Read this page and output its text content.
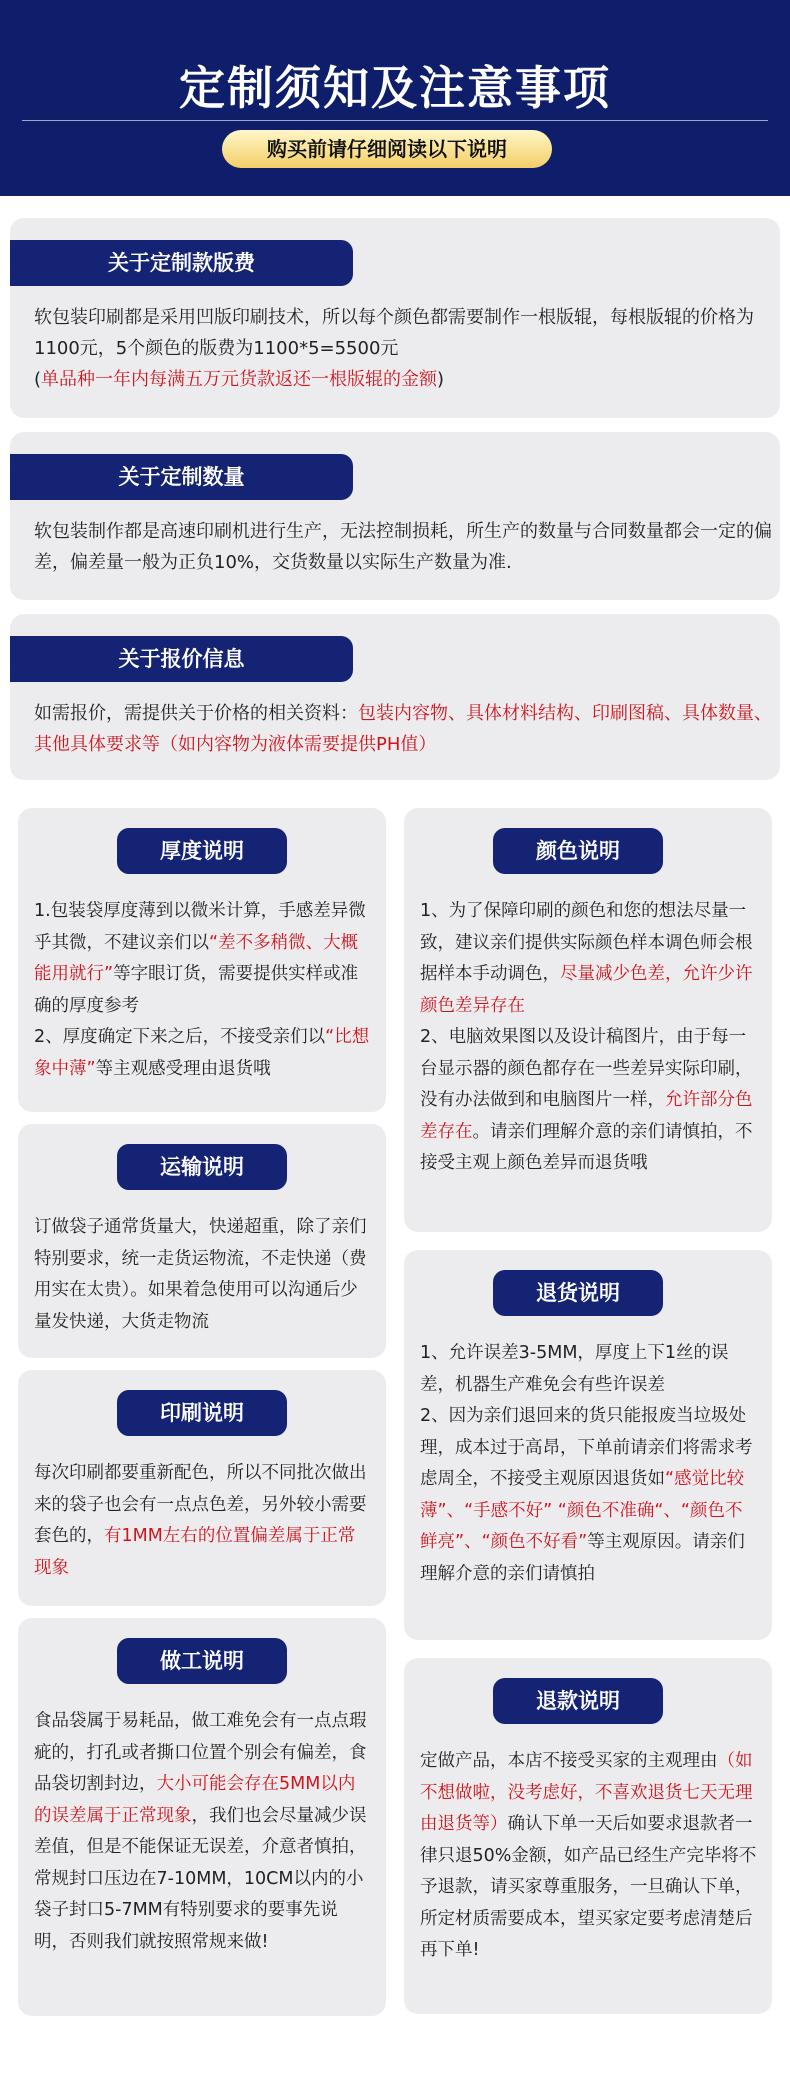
定制须知及注意事项
购买前请仔细阅读以下说明
关于定制款版费
软包装印刷都是采用凹版印刷技术，所以每个颜色都需要制作一根版辊，每根版辊的价格为1100元，5个颜色的版费为1100*5=5500元
(单品种一年内每满五万元货款返还一根版辊的金额)
关于定制数量
软包装制作都是高速印刷机进行生产，无法控制损耗，所生产的数量与合同数量都会一定的偏差，偏差量一般为正负10%，交货数量以实际生产数量为准.
关于报价信息
如需报价，需提供关于价格的相关资料：包装内容物、具体材料结构、印刷图稿、具体数量、其他具体要求等（如内容物为液体需要提供PH值）
厚度说明
1.包装袋厚度薄到以微米计算，手感差异微乎其微，不建议亲们以“差不多稍微、大概能用就行”等字眼订货，需要提供实样或准确的厚度参考
2、厚度确定下来之后，不接受亲们以“比想象中薄”等主观感受理由退货哦
运输说明
订做袋子通常货量大，快递超重，除了亲们特别要求，统一走货运物流，不走快递（费用实在太贵）。如果着急使用可以沟通后少量发快递，大货走物流
印刷说明
每次印刷都要重新配色，所以不同批次做出来的袋子也会有一点点色差，另外较小需要套色的，有1MM左右的位置偏差属于正常现象
做工说明
食品袋属于易耗品，做工难免会有一点点瑕疵的，打孔或者撕口位置个别会有偏差，食品袋切割封边，大小可能会存在5MM以内的误差属于正常现象，我们也会尽量减少误差值，但是不能保证无误差，介意者慎拍，常规封口压边在7-10MM，10CM以内的小袋子封口5-7MM有特别要求的要事先说明，否则我们就按照常规来做!
颜色说明
1、为了保障印刷的颜色和您的想法尽量一致，建议亲们提供实际颜色样本调色师会根据样本手动调色，尽量减少色差，允许少许颜色差异存在
2、电脑效果图以及设计稿图片，由于每一台显示器的颜色都存在一些差异实际印刷，没有办法做到和电脑图片一样，允许部分色差存在。请亲们理解介意的亲们请慎拍，不接受主观上颜色差异而退货哦
退货说明
1、允许误差3-5MM，厚度上下1丝的误差，机器生产难免会有些许误差
2、因为亲们退回来的货只能报废当垃圾处理，成本过于高昂，下单前请亲们将需求考虑周全，不接受主观原因退货如“感觉比较薄”、“手感不好” “颜色不准确“、“颜色不鲜亮”、“颜色不好看”等主观原因。请亲们理解介意的亲们请慎拍
退款说明
定做产品，本店不接受买家的主观理由（如不想做啦，没考虑好，不喜欢退货七天无理由退货等）确认下单一天后如要求退款者一律只退50%金额，如产品已经生产完毕将不予退款，请买家尊重服务，一旦确认下单，所定材质需要成本，望买家定要考虑清楚后再下单!
